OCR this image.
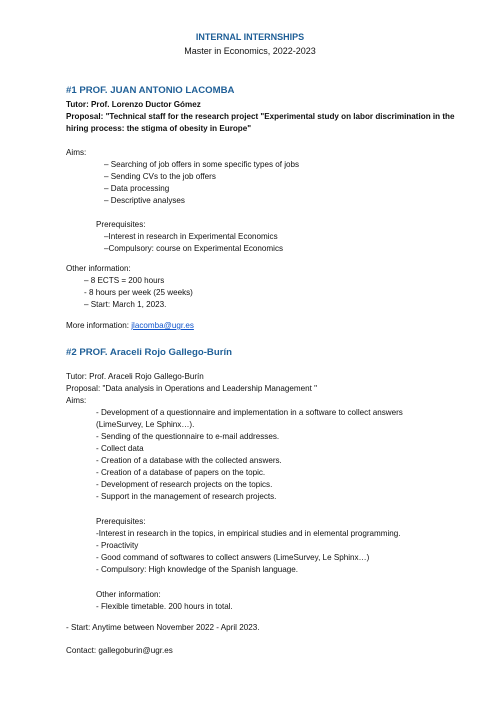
INTERNAL INTERNSHIPS
Master in Economics, 2022-2023
#1 PROF. JUAN ANTONIO LACOMBA
Tutor: Prof. Lorenzo Ductor Gómez
Proposal: "Technical staff for the research project "Experimental study on labor discrimination in the
hiring process: the stigma of obesity in Europe"
Aims:
– Searching of job offers in some specific types of jobs
– Sending CVs to the job offers
– Data processing
– Descriptive analyses
Prerequisites:
–Interest in research in Experimental Economics
–Compulsory: course on Experimental Economics
Other information:
– 8 ECTS = 200 hours
- 8 hours per week (25 weeks)
– Start: March 1, 2023.
More information: jlacomba@ugr.es
#2 PROF. Araceli Rojo Gallego-Burín
Tutor: Prof. Araceli Rojo Gallego-Burín
Proposal: "Data analysis in Operations and Leadership Management "
Aims:
- Development of a questionnaire and implementation in a software to collect answers
(LimeSurvey, Le Sphinx…).
- Sending of the questionnaire to e-mail addresses.
- Collect data
- Creation of a database with the collected answers.
- Creation of a database of papers on the topic.
- Development of research projects on the topics.
- Support in the management of research projects.
Prerequisites:
-Interest in research in the topics, in empirical studies and in elemental programming.
- Proactivity
- Good command of softwares to collect answers (LimeSurvey, Le Sphinx…)
- Compulsory: High knowledge of the Spanish language.
Other information:
- Flexible timetable. 200 hours in total.
- Start: Anytime between November 2022 - April 2023.
Contact: gallegoburin@ugr.es
